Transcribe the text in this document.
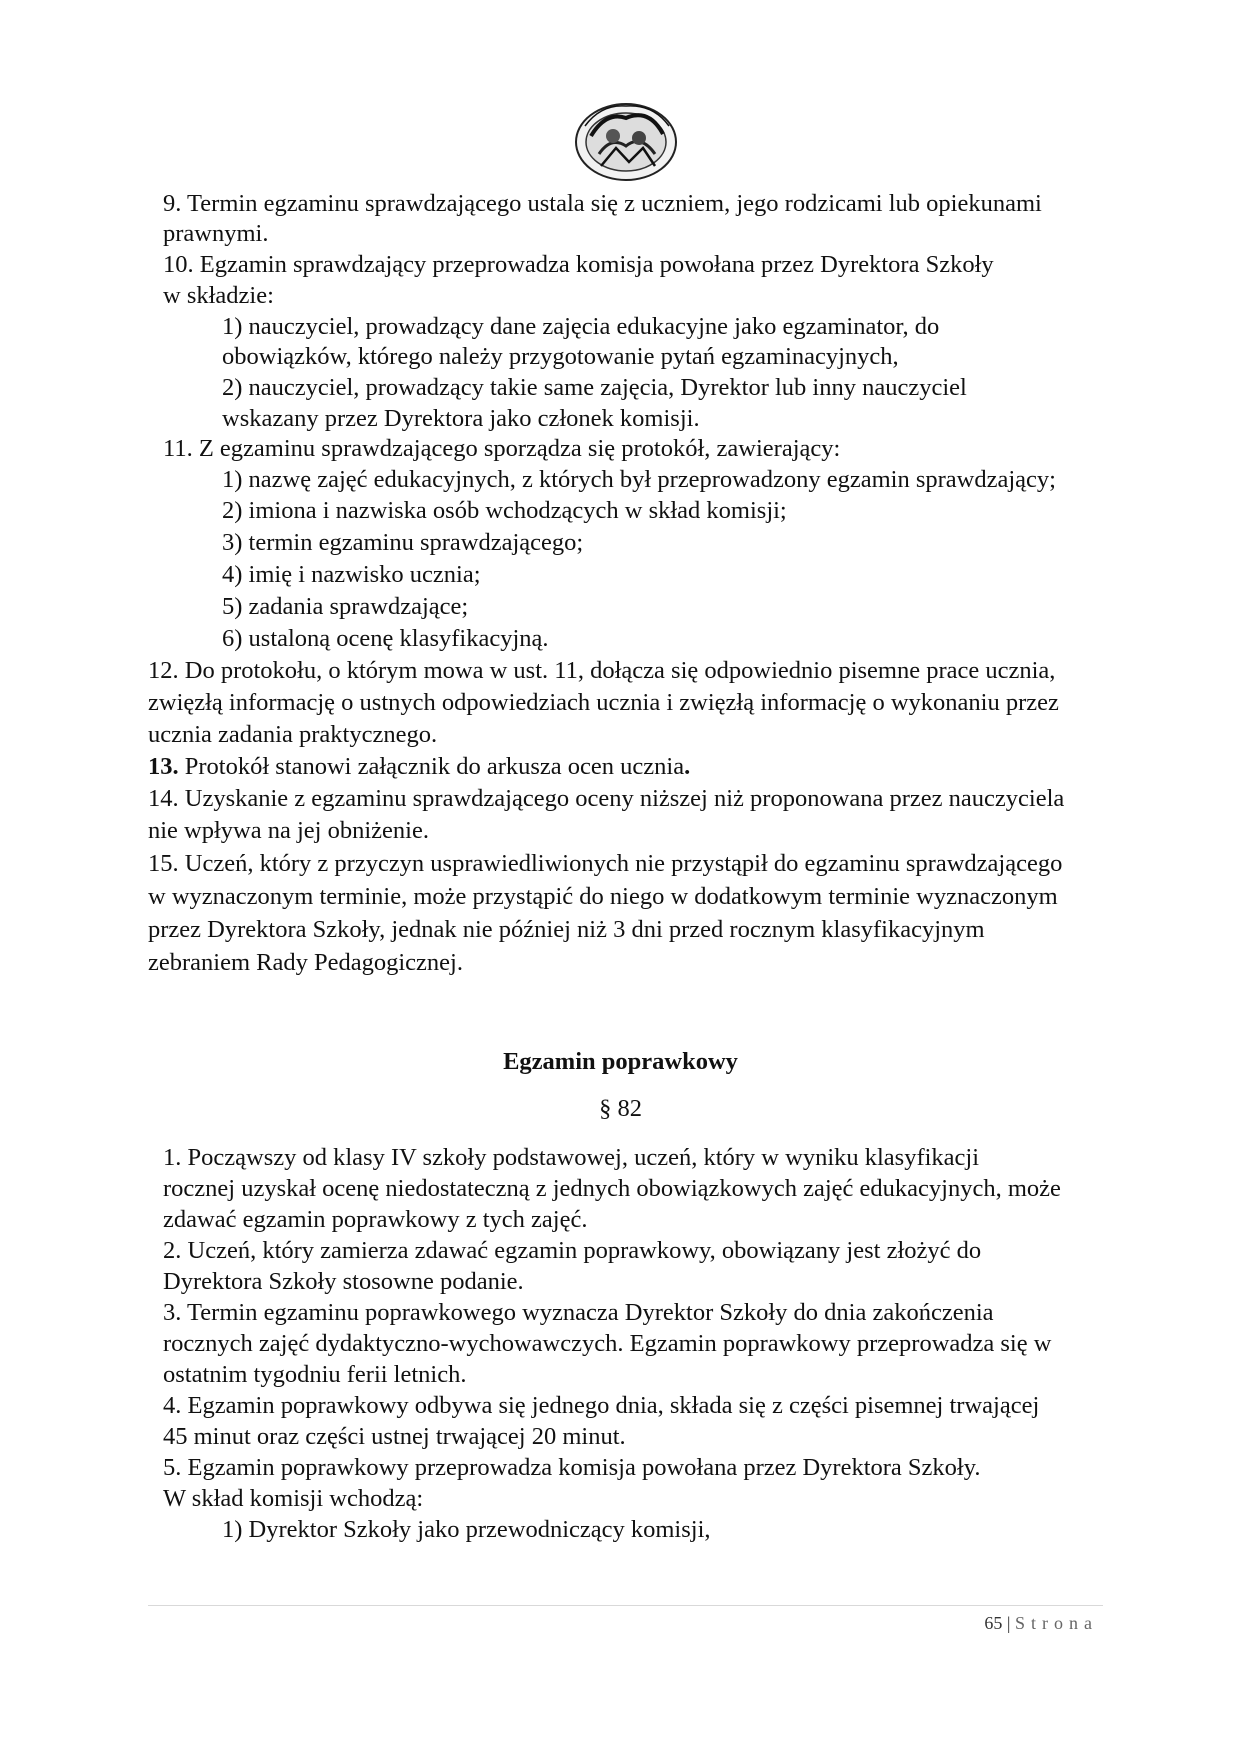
9. Termin egzaminu sprawdzającego ustala się z uczniem, jego rodzicami lub opiekunami
prawnymi.
10. Egzamin sprawdzający przeprowadza komisja powołana przez Dyrektora Szkoły
w składzie:
1) nauczyciel, prowadzący dane zajęcia edukacyjne jako egzaminator, do
obowiązków, którego należy przygotowanie pytań egzaminacyjnych,
2) nauczyciel, prowadzący takie same zajęcia, Dyrektor lub inny nauczyciel
wskazany przez Dyrektora jako członek komisji.
11. Z egzaminu sprawdzającego sporządza się protokół, zawierający:
1) nazwę zajęć edukacyjnych, z których był przeprowadzony egzamin sprawdzający;
2) imiona i nazwiska osób wchodzących w skład komisji;
3) termin egzaminu sprawdzającego;
4) imię i nazwisko ucznia;
5) zadania sprawdzające;
6) ustaloną ocenę klasyfikacyjną.
12. Do protokołu, o którym mowa w ust. 11, dołącza się odpowiednio pisemne prace ucznia,
zwięzłą informację o ustnych odpowiedziach ucznia i zwięzłą informację o wykonaniu przez
ucznia zadania praktycznego.
13. Protokół stanowi załącznik do arkusza ocen ucznia.
14. Uzyskanie z egzaminu sprawdzającego oceny niższej niż proponowana przez nauczyciela
nie wpływa na jej obniżenie.
15. Uczeń, który z przyczyn usprawiedliwionych nie przystąpił do egzaminu sprawdzającego
w wyznaczonym terminie, może przystąpić do niego w dodatkowym terminie wyznaczonym
przez Dyrektora Szkoły, jednak nie później niż 3 dni przed rocznym klasyfikacyjnym
zebraniem Rady Pedagogicznej.
Egzamin poprawkowy
§ 82
1. Począwszy od klasy IV szkoły podstawowej, uczeń, który w wyniku klasyfikacji
rocznej uzyskał ocenę niedostateczną z jednych obowiązkowych zajęć edukacyjnych, może
zdawać egzamin poprawkowy z tych zajęć.
2. Uczeń, który zamierza zdawać egzamin poprawkowy, obowiązany jest złożyć do
Dyrektora Szkoły stosowne podanie.
3. Termin egzaminu poprawkowego wyznacza Dyrektor Szkoły do dnia zakończenia
rocznych zajęć dydaktyczno-wychowawczych. Egzamin poprawkowy przeprowadza się w
ostatnim tygodniu ferii letnich.
4. Egzamin poprawkowy odbywa się jednego dnia, składa się z części pisemnej trwającej
45 minut oraz części ustnej trwającej 20 minut.
5. Egzamin poprawkowy przeprowadza komisja powołana przez Dyrektora Szkoły.
W skład komisji wchodzą:
1) Dyrektor Szkoły jako przewodniczący komisji,
65 | Strona
